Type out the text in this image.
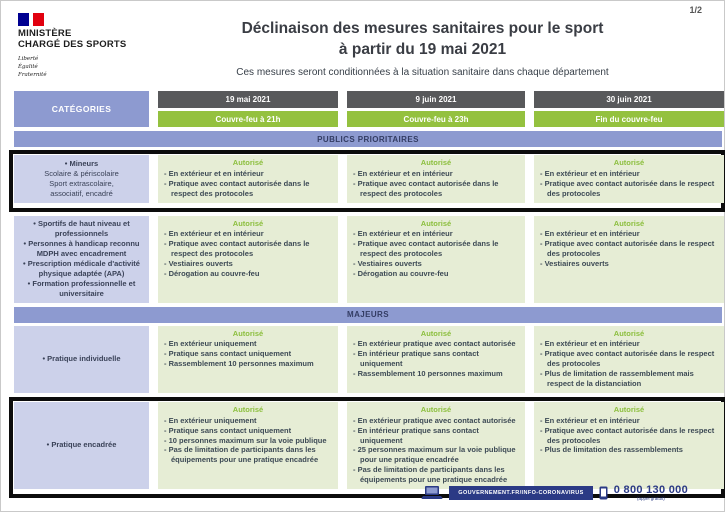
MINISTÈRE
CHARGÉ DES SPORTS
Liberté
Égalité
Fraternité
Déclinaison des mesures sanitaires pour le sport
à partir du 19 mai 2021
Ces mesures seront conditionnées à la situation sanitaire dans chaque département
1/2
CATÉGORIES
19 mai 2021	9 juin 2021	30 juin 2021
Couvre-feu à 21h	Couvre-feu à 23h	Fin du couvre-feu
PUBLICS PRIORITAIRES
• Mineurs
Scolaire & périscolaire
Sport extrascolaire,
associatif, encadré
Autorisé
- En extérieur et en intérieur
- Pratique avec contact autorisée dans le respect des protocoles
Autorisé
- En extérieur et en intérieur
- Pratique avec contact autorisée dans le respect des protocoles
Autorisé
- En extérieur et en intérieur
- Pratique avec contact autorisée dans le respect des protocoles
• Sportifs de haut niveau et professionnels
• Personnes à handicap reconnu MDPH avec encadrement
• Prescription médicale d'activité physique adaptée (APA)
• Formation professionnelle et universitaire
Autorisé
- En extérieur et en intérieur
- Pratique avec contact autorisée dans le respect des protocoles
- Vestiaires ouverts
- Dérogation au couvre-feu
Autorisé
- En extérieur et en intérieur
- Pratique avec contact autorisée dans le respect des protocoles
- Vestiaires ouverts
- Dérogation au couvre-feu
Autorisé
- En extérieur et en intérieur
- Pratique avec contact autorisée dans le respect des protocoles
- Vestiaires ouverts
MAJEURS
• Pratique individuelle
Autorisé
- En extérieur uniquement
- Pratique sans contact uniquement
- Rassemblement 10 personnes maximum
Autorisé
- En extérieur pratique avec contact autorisée
- En intérieur pratique sans contact uniquement
- Rassemblement 10 personnes maximum
Autorisé
- En extérieur et en intérieur
- Pratique avec contact autorisée dans le respect des protocoles
- Plus de limitation de rassemblement mais respect de la distanciation
• Pratique encadrée
Autorisé
- En extérieur uniquement
- Pratique sans contact uniquement
- 10 personnes maximum sur la voie publique
- Pas de limitation de participants dans les équipements pour une pratique encadrée
Autorisé
- En extérieur pratique avec contact autorisée
- En intérieur pratique sans contact uniquement
- 25 personnes maximum sur la voie publique pour une pratique encadrée
- Pas de limitation de participants dans les équipements pour une pratique encadrée
Autorisé
- En extérieur et en intérieur
- Pratique avec contact autorisée dans le respect des protocoles
- Plus de limitation des rassemblements
GOUVERNEMENT.FR/INFO-CORONAVIRUS	0 800 130 000
(appel gratuit)
